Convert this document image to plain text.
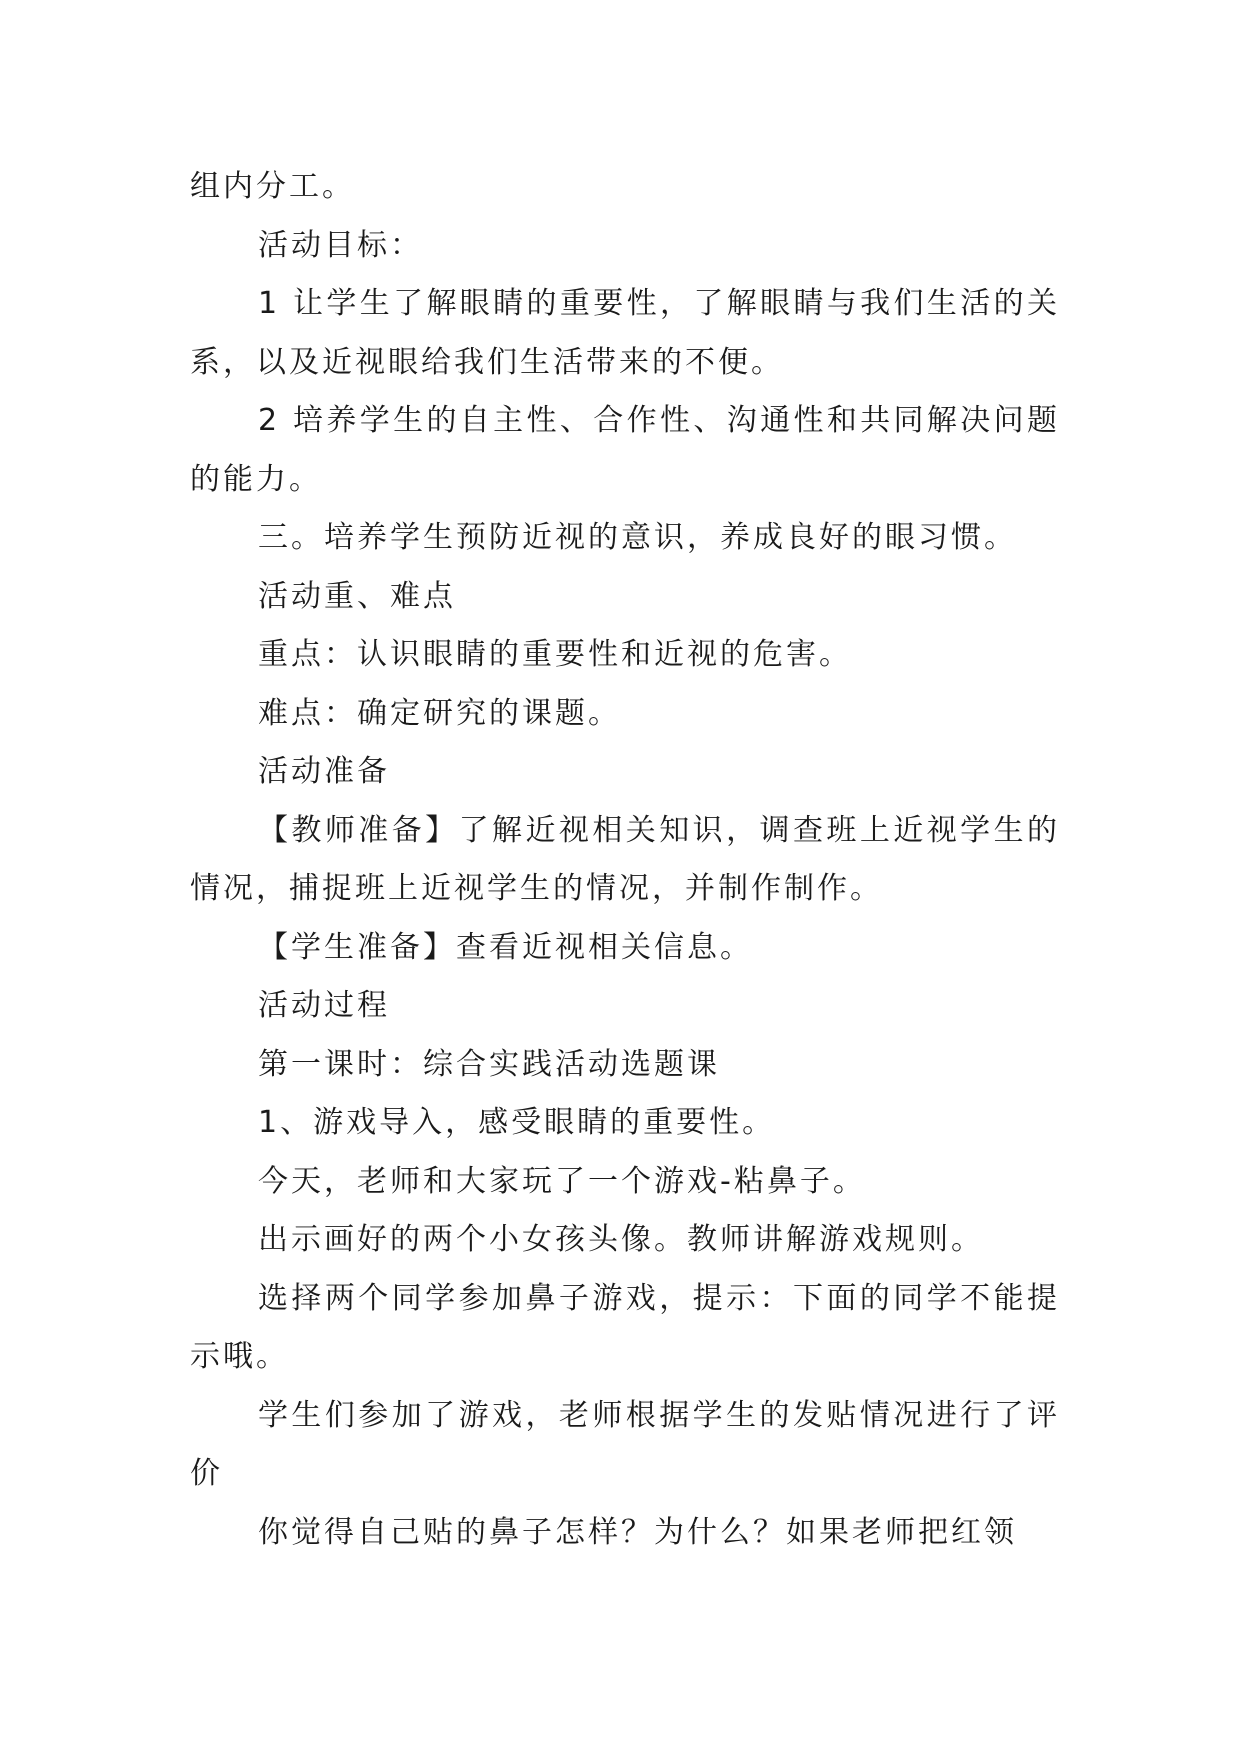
组内分工。

活动目标：

1 让学生了解眼睛的重要性，了解眼睛与我们生活的关系，以及近视眼给我们生活带来的不便。

2 培养学生的自主性、合作性、沟通性和共同解决问题的能力。

三。培养学生预防近视的意识，养成良好的眼习惯。

活动重、难点

重点：认识眼睛的重要性和近视的危害。

难点：确定研究的课题。

活动准备

【教师准备】了解近视相关知识，调查班上近视学生的情况，捕捉班上近视学生的情况，并制作制作。

【学生准备】查看近视相关信息。

活动过程

第一课时：综合实践活动选题课

1、游戏导入，感受眼睛的重要性。

今天，老师和大家玩了一个游戏-粘鼻子。

出示画好的两个小女孩头像。教师讲解游戏规则。

选择两个同学参加鼻子游戏，提示：下面的同学不能提示哦。

学生们参加了游戏，老师根据学生的发贴情况进行了评价

你觉得自己贴的鼻子怎样？为什么？如果老师把红领
